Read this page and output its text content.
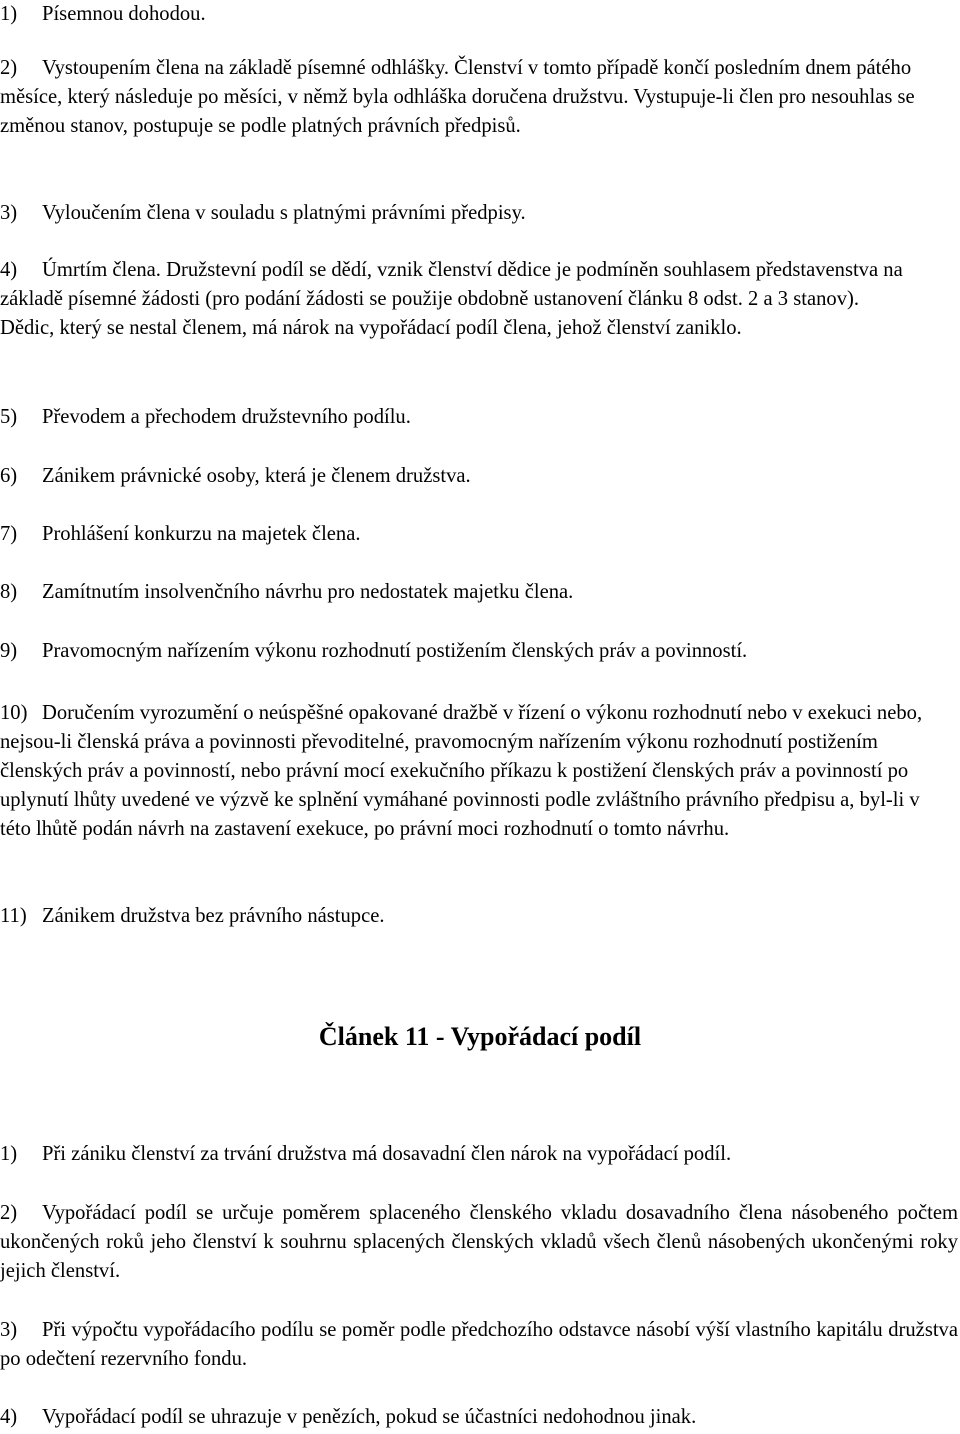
1)	Písemnou dohodou.
2)	Vystoupením člena na základě písemné odhlášky. Členství v tomto případě končí posledním dnem pátého měsíce, který následuje po měsíci, v němž byla odhláška doručena družstvu. Vystupuje-li člen pro nesouhlas se změnou stanov, postupuje se podle platných právních předpisů.
3)	Vyloučením člena v souladu s platnými právními předpisy.
4)	Úmrtím člena. Družstevní podíl se dědí, vznik členství dědice je podmíněn souhlasem představenstva na základě písemné žádosti (pro podání žádosti se použije obdobně ustanovení článku 8 odst. 2 a 3 stanov). Dědic, který se nestal členem, má nárok na vypořádací podíl člena, jehož členství zaniklo.
5)	Převodem a přechodem družstevního podílu.
6)	Zánikem právnické osoby, která je členem družstva.
7)	Prohlášení konkurzu na majetek člena.
8)	Zamítnutím insolvenčního návrhu pro nedostatek majetku člena.
9)	Pravomocným nařízením výkonu rozhodnutí postižením členských práv a povinností.
10) Doručením vyrozumění o neúspěšné opakované dražbě v řízení o výkonu rozhodnutí nebo v exekuci nebo, nejsou-li členská práva a povinnosti převoditelné, pravomocným nařízením výkonu rozhodnutí postižením členských práv a povinností, nebo právní mocí exekučního příkazu k postižení členských práv a povinností po uplynutí lhůty uvedené ve výzvě ke splnění vymáhané povinnosti podle zvláštního právního předpisu a, byl-li v této lhůtě podán návrh na zastavení exekuce, po právní moci rozhodnutí o tomto návrhu.
11) Zánikem družstva bez právního nástupce.
Článek 11 - Vypořádací podíl
1)	Při zániku členství za trvání družstva má dosavadní člen nárok na vypořádací podíl.
2)	Vypořádací podíl se určuje poměrem splaceného členského vkladu dosavadního člena násobeného počtem ukončených roků jeho členství k souhrnu splacených členských vkladů všech členů násobených ukončenými roky jejich členství.
3)	Při výpočtu vypořádacího podílu se poměr podle předchozího odstavce násobí výší vlastního kapitálu družstva po odečtení rezervního fondu.
4)	Vypořádací podíl se uhrazuje v penězích, pokud se účastníci nedohodnou jinak.
